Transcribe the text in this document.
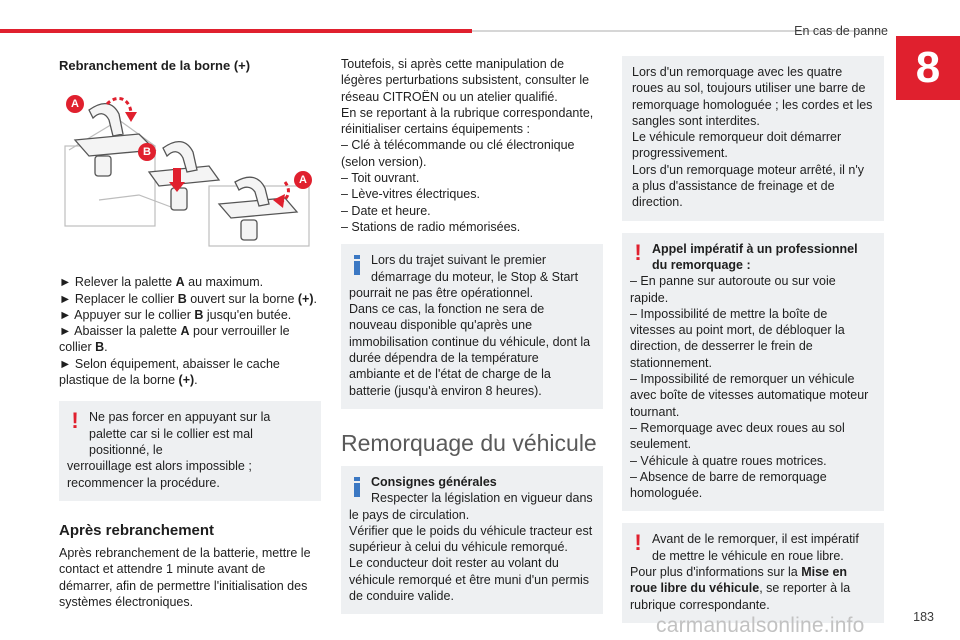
En cas de panne
8
Rebranchement de la borne (+)
A
B
A
► Relever la palette A au maximum.
► Replacer le collier B ouvert sur la borne (+).
► Appuyer sur le collier B jusqu'en butée.
► Abaisser la palette A pour verrouiller le collier B.
► Selon équipement, abaisser le cache plastique de la borne (+).
! Ne pas forcer en appuyant sur la palette car si le collier est mal positionné, le
verrouillage est alors impossible ; recommencer la procédure.
Après rebranchement
Après rebranchement de la batterie, mettre le contact et attendre 1 minute avant de démarrer, afin de permettre l'initialisation des systèmes électroniques.
Toutefois, si après cette manipulation de légères perturbations subsistent, consulter le réseau CITROËN ou un atelier qualifié.
En se reportant à la rubrique correspondante, réinitialiser certains équipements :
– Clé à télécommande ou clé électronique (selon version).
– Toit ouvrant.
– Lève-vitres électriques.
– Date et heure.
– Stations de radio mémorisées.
Lors du trajet suivant le premier démarrage du moteur, le Stop & Start
pourrait ne pas être opérationnel.
Dans ce cas, la fonction ne sera de nouveau disponible qu'après une immobilisation continue du véhicule, dont la durée dépendra de la température ambiante et de l'état de charge de la batterie (jusqu'à environ 8 heures).
Remorquage du véhicule
Consignes générales
Respecter la législation en vigueur dans
le pays de circulation.
Vérifier que le poids du véhicule tracteur est supérieur à celui du véhicule remorqué.
Le conducteur doit rester au volant du véhicule remorqué et être muni d'un permis de conduire valide.
Lors d'un remorquage avec les quatre roues au sol, toujours utiliser une barre de remorquage homologuée ; les cordes et les sangles sont interdites.
Le véhicule remorqueur doit démarrer progressivement.
Lors d'un remorquage moteur arrêté, il n'y a plus d'assistance de freinage et de direction.
! Appel impératif à un professionnel du remorquage :
– En panne sur autoroute ou sur voie rapide.
– Impossibilité de mettre la boîte de vitesses au point mort, de débloquer la direction, de desserrer le frein de stationnement.
– Impossibilité de remorquer un véhicule avec boîte de vitesses automatique moteur tournant.
– Remorquage avec deux roues au sol seulement.
– Véhicule à quatre roues motrices.
– Absence de barre de remorquage homologuée.
! Avant de le remorquer, il est impératif de mettre le véhicule en roue libre.
Pour plus d'informations sur la Mise en roue libre du véhicule, se reporter à la rubrique correspondante.
183
carmanualsonline.info
